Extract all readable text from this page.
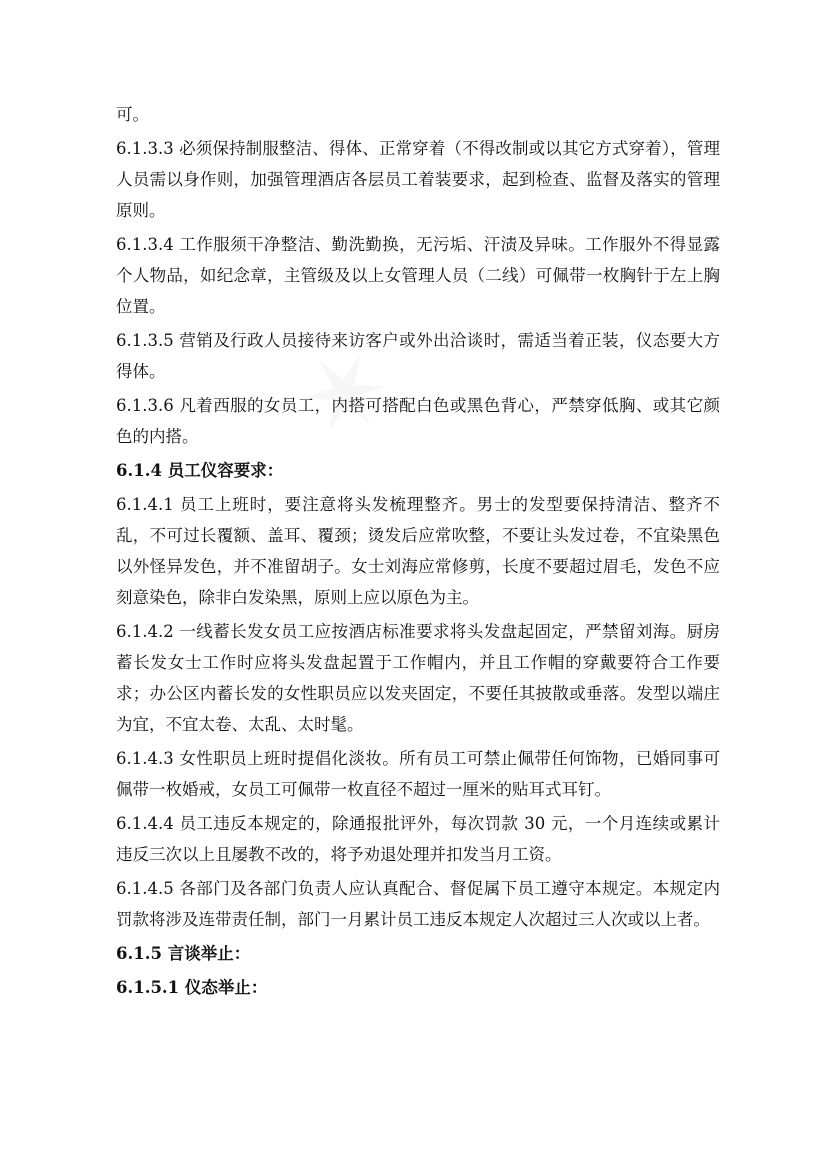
✶

可。

6.1.3.3 必须保持制服整洁、得体、正常穿着（不得改制或以其它方式穿着），管理人员需以身作则，加强管理酒店各层员工着装要求，起到检查、监督及落实的管理原则。

6.1.3.4 工作服须干净整洁、勤洗勤换，无污垢、汗渍及异味。工作服外不得显露个人物品，如纪念章，主管级及以上女管理人员（二线）可佩带一枚胸针于左上胸位置。

6.1.3.5 营销及行政人员接待来访客户或外出洽谈时，需适当着正装，仪态要大方得体。

6.1.3.6 凡着西服的女员工，内搭可搭配白色或黑色背心，严禁穿低胸、或其它颜色的内搭。

6.1.4 员工仪容要求：

6.1.4.1 员工上班时，要注意将头发梳理整齐。男士的发型要保持清洁、整齐不乱，不可过长覆额、盖耳、覆颈；烫发后应常吹整，不要让头发过卷，不宜染黑色以外怪异发色，并不准留胡子。女士刘海应常修剪，长度不要超过眉毛，发色不应刻意染色，除非白发染黑，原则上应以原色为主。

6.1.4.2 一线蓄长发女员工应按酒店标准要求将头发盘起固定，严禁留刘海。厨房蓄长发女士工作时应将头发盘起置于工作帽内，并且工作帽的穿戴要符合工作要求；办公区内蓄长发的女性职员应以发夹固定，不要任其披散或垂落。发型以端庄为宜，不宜太卷、太乱、太时髦。

6.1.4.3 女性职员上班时提倡化淡妆。所有员工可禁止佩带任何饰物，已婚同事可佩带一枚婚戒，女员工可佩带一枚直径不超过一厘米的贴耳式耳钉。

6.1.4.4 员工违反本规定的，除通报批评外，每次罚款 30 元，一个月连续或累计违反三次以上且屡教不改的，将予劝退处理并扣发当月工资。

6.1.4.5 各部门及各部门负责人应认真配合、督促属下员工遵守本规定。本规定内罚款将涉及连带责任制，部门一月累计员工违反本规定人次超过三人次或以上者。

6.1.5 言谈举止：

6.1.5.1 仪态举止：
